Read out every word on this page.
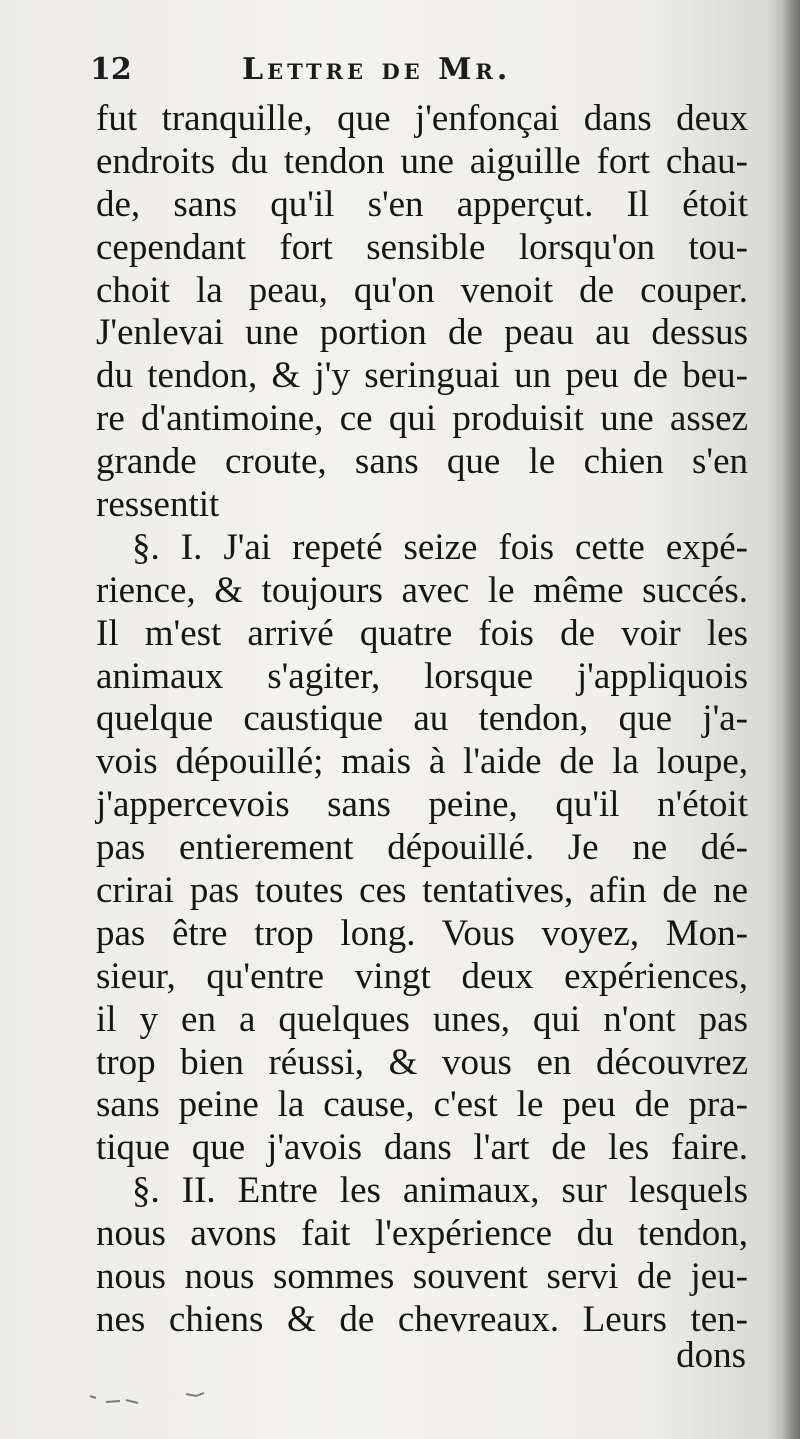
12	Lettre de Mr.
fut tranquille, que j'enfonçai dans deux
endroits du tendon une aiguille fort chau-
de, sans qu'il s'en apperçut. Il étoit
cependant fort sensible lorsqu'on tou-
choit la peau, qu'on venoit de couper.
J'enlevai une portion de peau au dessus
du tendon, & j'y seringuai un peu de beu-
re d'antimoine, ce qui produisit une assez
grande croute, sans que le chien s'en
ressentit
§. I. J'ai repeté seize fois cette expé-
rience, & toujours avec le même succés.
Il m'est arrivé quatre fois de voir les
animaux s'agiter, lorsque j'appliquois
quelque caustique au tendon, que j'a-
vois dépouillé; mais à l'aide de la loupe,
j'appercevois sans peine, qu'il n'étoit
pas entierement dépouillé. Je ne dé-
crirai pas toutes ces tentatives, afin de ne
pas être trop long. Vous voyez, Mon-
sieur, qu'entre vingt deux expériences,
il y en a quelques unes, qui n'ont pas
trop bien réussi, & vous en découvrez
sans peine la cause, c'est le peu de pra-
tique que j'avois dans l'art de les faire.
§. II. Entre les animaux, sur lesquels
nous avons fait l'expérience du tendon,
nous nous sommes souvent servi de jeu-
nes chiens & de chevreaux. Leurs ten-
dons
